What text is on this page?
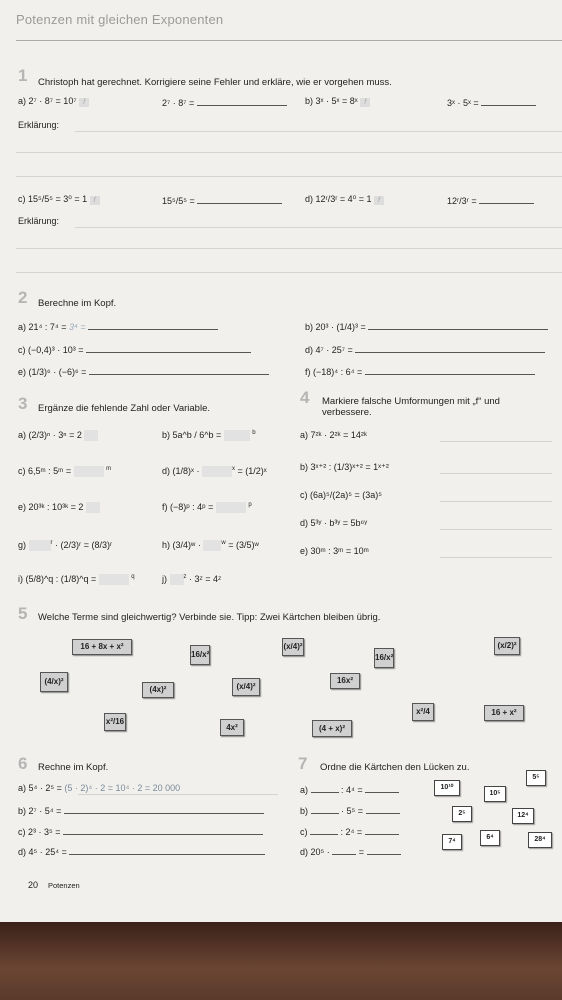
Potenzen mit gleichen Exponenten
1 Christoph hat gerechnet. Korrigiere seine Fehler und erkläre, wie er vorgehen muss.
a) 2⁷ · 8⁷ = 10⁷ f	2⁷ · 8⁷ =	b) 3ˣ · 5ˣ = 8ˣ f	3ˣ · 5ˣ =
Erklärung:
c) 15⁵/5⁵ = 3⁰ = 1 f	15⁵/5⁵ =	d) 12ʳ/3ʳ = 4⁰ = 1 f	12ʳ/3ʳ =
Erklärung:
2 Berechne im Kopf.
a) 21⁴ : 7⁴ = 3⁴ =	b) 20³ · (1/4)³ =
c) (−0,4)³ · 10³ =	d) 4⁷ · 25⁷ =
e) (1/3)⁶ · (−6)⁶ =	f) (−18)⁴ : 6⁴ =
3 Ergänze die fehlende Zahl oder Variable.
a) (2/3)ⁿ · 3ⁿ = 2	b) 5a^b / 6^b =	$^b$
c) 6,5ᵐ : 5ᵐ =	$^m$	d) (1/8)ˣ ·	$^x$ = (1/2)ˣ
e) 20³ᵏ : 10³ᵏ = 2	f) (−8)ᵖ : 4ᵖ =	$^p$
g)	$^r$ · (2/3)ʳ = (8/3)ʳ	h) (3/4)ʷ ·	$^w$ = (3/5)ʷ
i) (5/8)^q : (1/8)^q =	$^q$	j)	$^z$ · 3ᶻ = 4ᶻ
4 Markiere falsche Umformungen mit „f“ und verbessere.
a) 7²ᵏ · 2²ᵏ = 14²ᵏ
b) 3ˣ⁺² : (1/3)ˣ⁺² = 1ˣ⁺²
c) (6a)⁵/(2a)⁵ = (3a)⁵
d) 5³ʸ · b³ʸ = 5b⁶ʸ
e) 30ᵐ : 3ᵐ = 10ᵐ
5 Welche Terme sind gleichwertig? Verbinde sie. Tipp: Zwei Kärtchen bleiben übrig.
16 + 8x + x²
16/x²
(x/4)²
16/x²
(x/2)²
(4/x)²
(4x)²	(x/4)²
16x²
x²/16
4x²	(4 + x)²
x²/4	16 + x²
6 Rechne im Kopf.
a) 5⁴ · 2⁵ = (5 · 2)⁴ · 2 = 10⁴ · 2 = 20 000
b) 2⁷ · 5⁴ =
c) 2³ · 3⁵ =
d) 4⁵ · 25⁴ =
7 Ordne die Kärtchen den Lücken zu.
a)	: 4⁴ =
b)	· 5⁵ =
c)	: 2⁴ =
d) 20⁵ ·	=
10¹⁰
5⁵
10⁵
2⁵	12⁴
7⁴
6⁴	28⁴
20 Potenzen
